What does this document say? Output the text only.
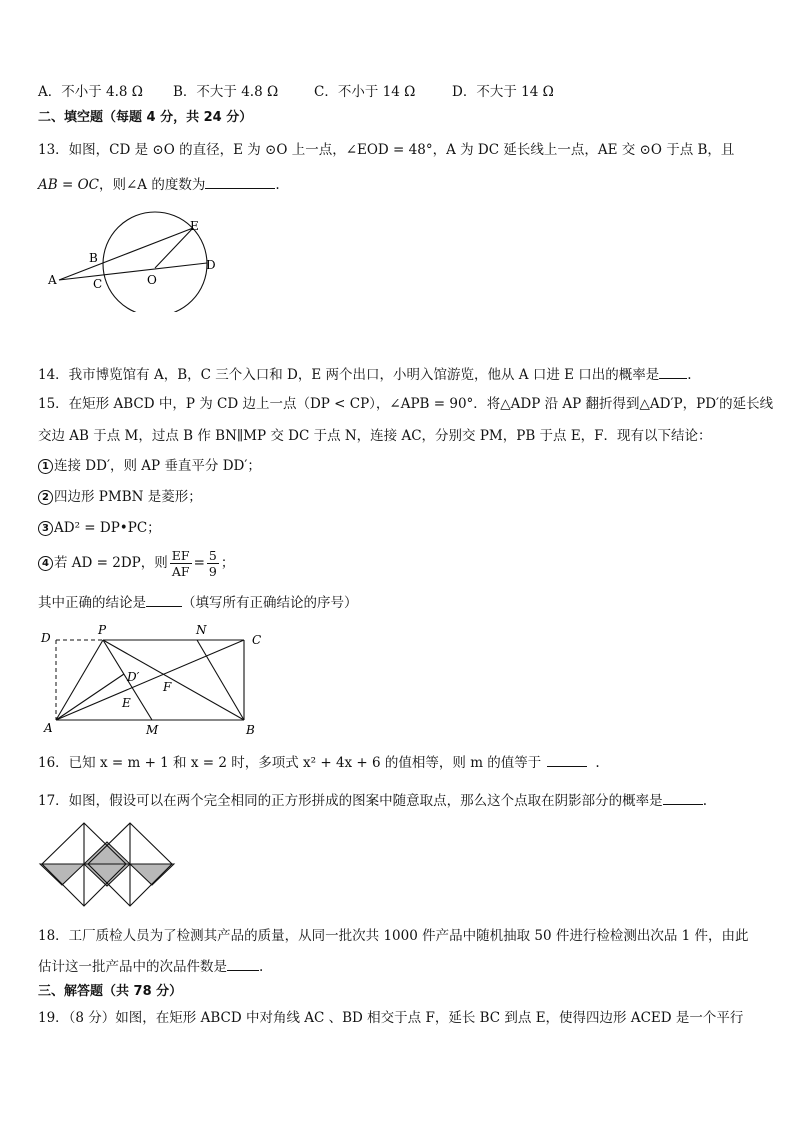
A．不小于 4.8 Ω B．不大于 4.8 Ω	C．不小于 14 Ω	D．不大于 14 Ω
二、填空题（每题 4 分，共 24 分）
13．如图，CD 是 ⊙O 的直径，E 为 ⊙O 上一点，∠EOD = 48°，A 为 DC 延长线上一点，AE 交 ⊙O 于点 B，且
AB = OC，则∠A 的度数为	.
A
B
C	O
D
E
14．我市博览馆有 A，B，C 三个入口和 D，E 两个出口，小明入馆游览，他从 A 口进 E 口出的概率是 .
15．在矩形 ABCD 中，P 为 CD 边上一点（DP < CP），∠APB = 90°．将△ADP 沿 AP 翻折得到△AD′P，PD′的延长线
交边 AB 于点 M，过点 B 作 BN∥MP 交 DC 于点 N，连接 AC，分别交 PM，PB 于点 E，F．现有以下结论：
1 连接 DD′，则 AP 垂直平分 DD′；
2 四边形 PMBN 是菱形；
3 AD² = DP•PC；
4 若 AD = 2DP，则 $\frac{EF}{AF} = \frac{5}{9}$ ；
其中正确的结论是	（填写所有正确结论的序号）
D
P	N
C
D′
F
E
A	M	B
16．已知 x = m + 1 和 x = 2 时，多项式 x² + 4x + 6 的值相等，则 m 的值等于	.
17．如图，假设可以在两个完全相同的正方形拼成的图案中随意取点，那么这个点取在阴影部分的概率是	.
18．工厂质检人员为了检测其产品的质量，从同一批次共 1000 件产品中随机抽取 50 件进行检检测出次品 1 件，由此
估计这一批产品中的次品件数是 .
三、解答题（共 78 分）
19．（8 分）如图，在矩形 ABCD 中对角线 AC 、BD 相交于点 F，延长 BC 到点 E，使得四边形 ACED 是一个平行
